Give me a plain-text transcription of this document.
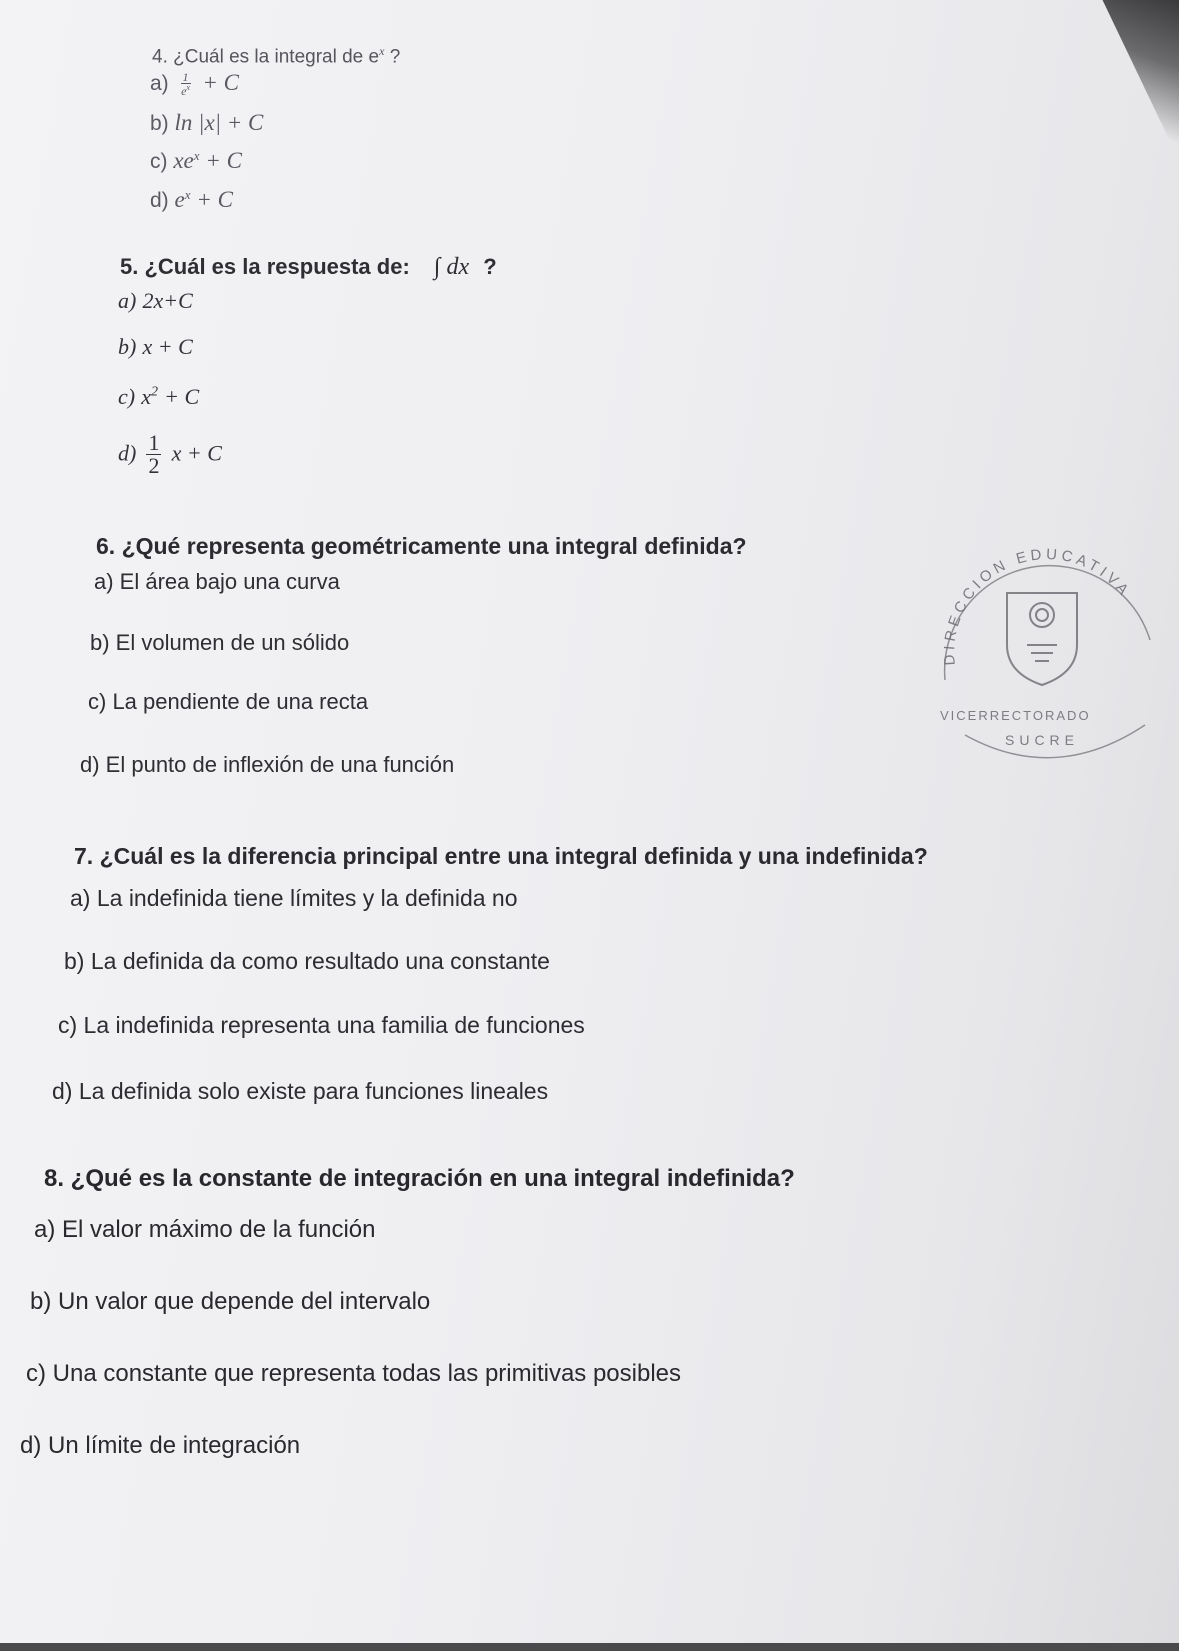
4. ¿Cuál es la integral de $e^x$ ?
$a) \frac{1}{e^x} + C$
b) ln |x| + C
c) $xe^x + C$
d) $e^x + C$
5. ¿Cuál es la respuesta de: ∫ dx ?
a) 2x+C
b) x + C
c) $x^2 + C$
$d) \frac{1}{2}$ x + C
6. ¿Qué representa geométricamente una integral definida?
a) El área bajo una curva
b) El volumen de un sólido
c) La pendiente de una recta
d) El punto de inflexión de una función
7. ¿Cuál es la diferencia principal entre una integral definida y una indefinida?
a) La indefinida tiene límites y la definida no
b) La definida da como resultado una constante
c) La indefinida representa una familia de funciones
d) La definida solo existe para funciones lineales
8. ¿Qué es la constante de integración en una integral indefinida?
a) El valor máximo de la función
b) Un valor que depende del intervalo
c) Una constante que representa todas las primitivas posibles
d) Un límite de integración
DIRECCION EDUCATIVA
VICERRECTORADO
SUCRE
